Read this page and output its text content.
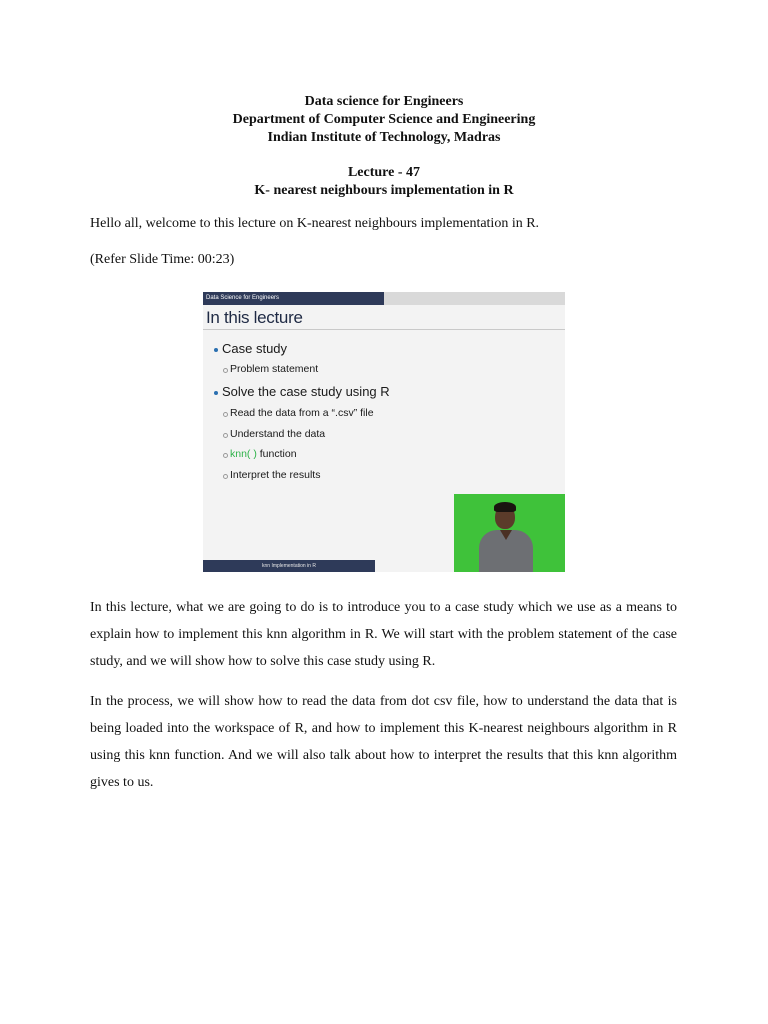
Data science for Engineers
Department of Computer Science and Engineering
Indian Institute of Technology, Madras
Lecture - 47
K- nearest neighbours implementation in R
Hello all, welcome to this lecture on K-nearest neighbours implementation in R.
(Refer Slide Time: 00:23)
Data Science for Engineers
In this lecture
Case study
Problem statement
Solve the case study using R
Read the data from a “.csv” file
Understand the data
knn( ) function
Interpret the results
knn Implementation in R
In this lecture, what we are going to do is to introduce you to a case study which we use as a means to explain how to implement this knn algorithm in R. We will start with the problem statement of the case study, and we will show how to solve this case study using R.
In the process, we will show how to read the data from dot csv file, how to understand the data that is being loaded into the workspace of R, and how to implement this K-nearest neighbours algorithm in R using this knn function. And we will also talk about how to interpret the results that this knn algorithm gives to us.
